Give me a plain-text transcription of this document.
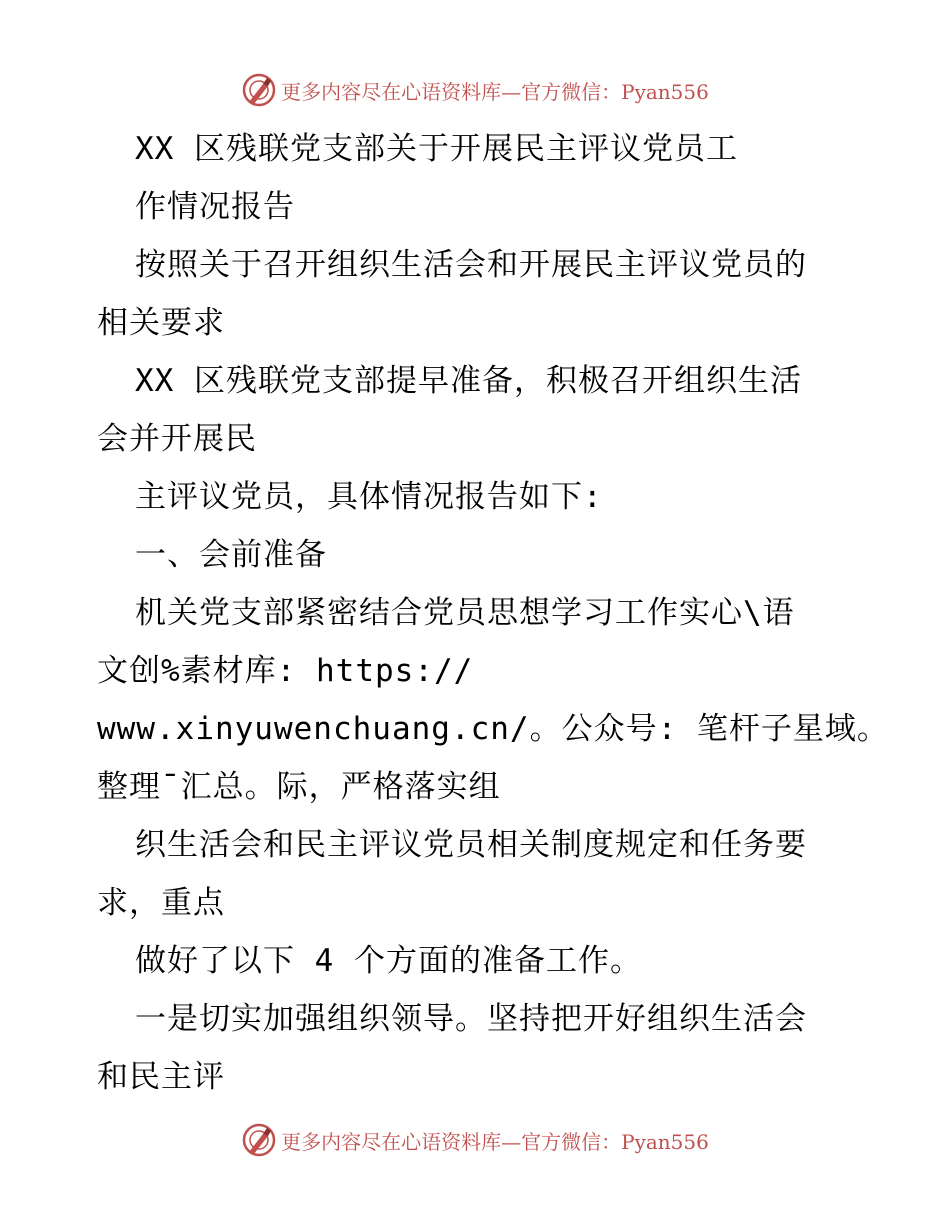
更多内容尽在心语资料库—官方微信：Pyan556
XX 区残联党支部关于开展民主评议党员工
作情况报告
按照关于召开组织生活会和开展民主评议党员的
相关要求
XX 区残联党支部提早准备，积极召开组织生活
会并开展民
主评议党员，具体情况报告如下:
一、会前准备
机关党支部紧密结合党员思想学习工作实心\语
文创%素材库: https://
www.xinyuwenchuang.cn/。公众号: 笔杆子星域。
整理¯汇总。际，严格落实组
织生活会和民主评议党员相关制度规定和任务要
求，重点
做好了以下 4 个方面的准备工作。
一是切实加强组织领导。坚持把开好组织生活会
和民主评
更多内容尽在心语资料库—官方微信：Pyan556
